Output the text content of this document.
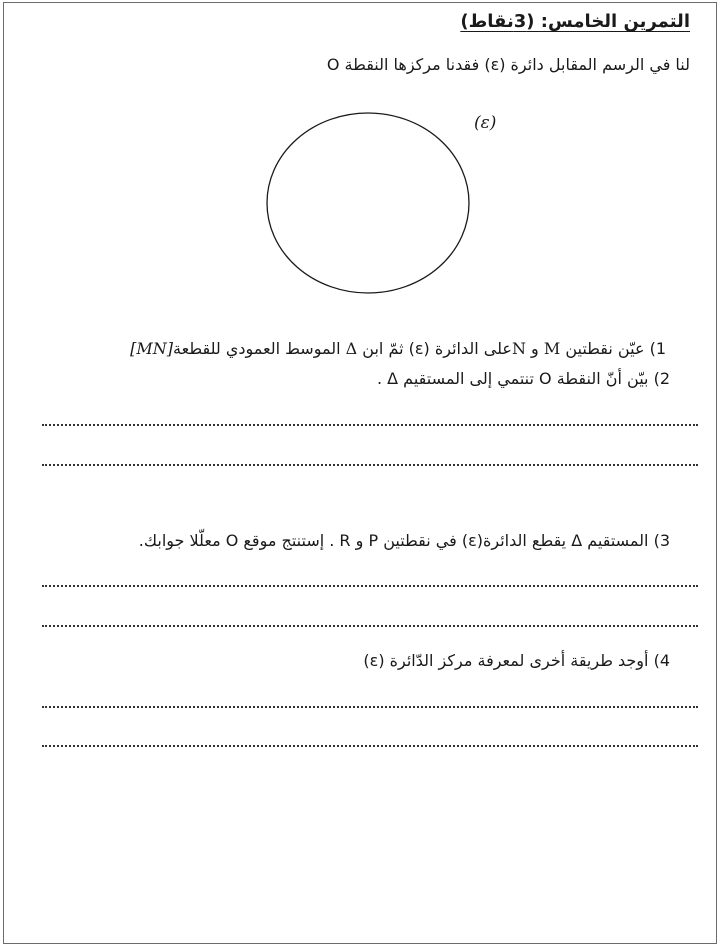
التمرين الخامس: (3نقاط)
لنا في الرسم المقابل دائرة (ε) فقدنا مركزها النقطة O
(ε)
1) عيّن نقطتين M و Nعلى الدائرة (ε) ثمّ ابن Δ الموسط العمودي للقطعة[MN]
2) بيّن أنّ النقطة O تنتمي إلى المستقيم Δ .
3) المستقيم Δ يقطع الدائرة(ε) في نقطتين P و R . إستنتج موقع O معلّلا جوابك.
4) أوجد طريقة أخرى لمعرفة مركز الدّائرة (ε)
